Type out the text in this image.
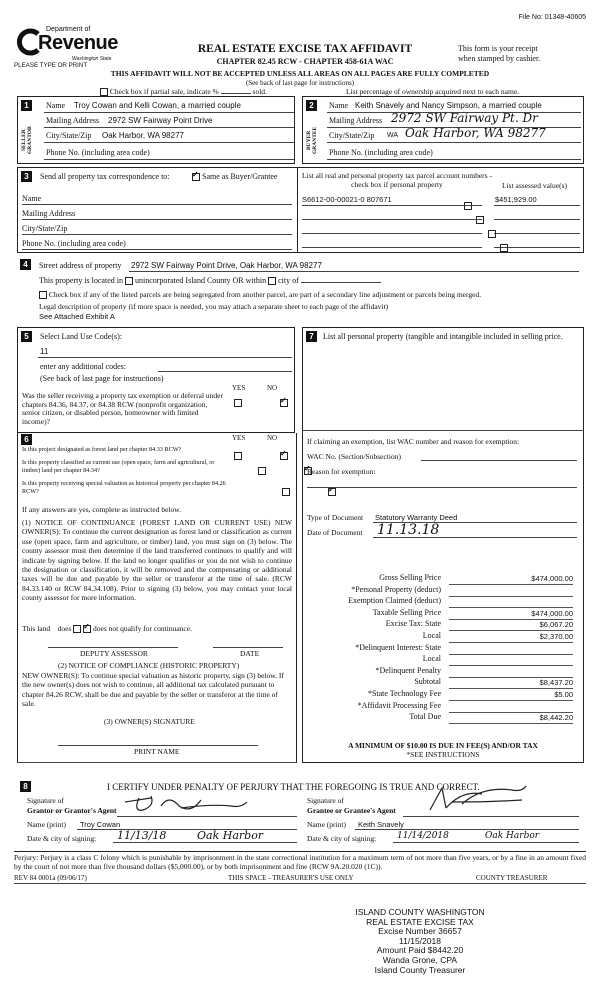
File No: 01348-40605
Department of
Revenue
Washington State
PLEASE TYPE OR PRINT
REAL ESTATE EXCISE TAX AFFIDAVIT
CHAPTER 82.45 RCW - CHAPTER 458-61A WAC
This form is your receipt
when stamped by cashier.
THIS AFFIDAVIT WILL NOT BE ACCEPTED UNLESS ALL AREAS ON ALL PAGES ARE FULLY COMPLETED
(See back of last page for instructions)
Check box if partial sale, indicate %	sold.	List percentage of ownership acquired next to each name.
1
SELLER GRANTOR
Name Troy Cowan and Kelli Cowan, a married couple
Mailing Address 2972 SW Fairway Point Drive
City/State/Zip Oak Harbor, WA 98277
Phone No. (including area code)
2
BUYER GRANTEE
Name Keith Snavely and Nancy Simpson, a married couple
Mailing Address 2972 SW Fairway Pt. Dr
City/State/Zip WA Oak Harbor, WA 98277
Phone No. (including area code)
3	Send all property tax correspondence to: ✓	Same as Buyer/Grantee
Name
Mailing Address
City/State/Zip
Phone No. (including area code)
List all real and personal property tax parcel account numbers - check box if personal property	List assessed value(s)
S6612-00-00021-0 807671	$451,929.00

4	Street address of property 2972 SW Fairway Point Drive, Oak Harbor, WA 98277
This property is located in unincorporated Island County OR within city of
Check box if any of the listed parcels are being segregated from another parcel, are part of a secondary line adjustment or parcels being merged.
Legal description of property (if more space is needed, you may attach a separate sheet to each page of the affidavit)
See Attached Exhibit A
5	Select Land Use Code(s):
11
enter any additional codes:
(See back of last page for instructions)
YES	NO
Was the seller receiving a property tax exemption or deferral under chapters 84.36, 84.37, or 84.38 RCW (nonprofit organization, senior citizen, or disabled person, homeowner with limited income)?
✓
6	YES	NO
Is this project designated as forest land per chapter 84.33 RCW?
✓
Is this property classified as current use (open space, farm and agricultural, or timber) land per chapter 84.34?
✓
Is this property receiving special valuation as historical property per chapter 84.26 RCW?
✓
If any answers are yes, complete as instructed below.
(1) NOTICE OF CONTINUANCE (FOREST LAND OR CURRENT USE) NEW OWNER(S): To continue the current designation as forest land or classification as current use (open space, farm and agriculture, or timber) land, you must sign on (3) below. The county assessor must then determine if the land transferred continues to qualify and will indicate by signing below. If the land no longer qualifies or you do not wish to continue the designation or classification, it will be removed and the compensating or additional taxes will be due and payable by the seller or transferor at the time of sale. (RCW 84.33.140 or RCW 84.34.108). Prior to signing (3) below, you may contact your local county assessor for more information.
This land does ✓	does not qualify for continuance.
DEPUTY ASSESSOR	DATE
(2) NOTICE OF COMPLIANCE (HISTORIC PROPERTY)
NEW OWNER(S): To continue special valuation as historic property, sign (3) below. If the new owner(s) does not wish to continue, all additional tax calculated pursuant to chapter 84.26 RCW, shall be due and payable by the seller or transferor at the time of sale.
(3) OWNER(S) SIGNATURE
PRINT NAME
7	List all personal property (tangible and intangible included in selling price.
If claiming an exemption, list WAC number and reason for exemption:
WAC No. (Section/Subsection)
Reason for exemption:
Type of Document Statutory Warranty Deed
Date of Document 11.13.18
Gross Selling Price	$474,000.00
*Personal Property (deduct)
Exemption Claimed (deduct)
Taxable Selling Price	$474,000.00
Excise Tax: State	$6,067.20
Local	$2,370.00
*Delinquent Interest: State
Local
*Delinquent Penalty
Subtotal	$8,437.20
*State Technology Fee	$5.00
*Affidavit Processing Fee
Total Due	$8,442.20
A MINIMUM OF $10.00 IS DUE IN FEE(S) AND/OR TAX
*SEE INSTRUCTIONS
8	I CERTIFY UNDER PENALTY OF PERJURY THAT THE FOREGOING IS TRUE AND CORRECT.
Signature of
Grantor or Grantor's Agent
Name (print) Troy Cowan
Date & city of signing: 11/13/18	Oak Harbor
Signature of
Grantee or Grantee's Agent
Name (print) Keith Snavely
Date & city of signing: 11/14/2018	Oak Harbor
Perjury: Perjury is a class C felony which is punishable by imprisonment in the state correctional institution for a maximum term of not more than five years, or by a fine in an amount fixed by the court of not more than five thousand dollars ($5,000.00), or by both imprisonment and fine (RCW 9A.20.020 (1C)).
REV 84 0001a (09/06/17)	THIS SPACE - TREASURER'S USE ONLY	COUNTY TREASURER
ISLAND COUNTY WASHINGTON
REAL ESTATE EXCISE TAX
Excise Number 36657
11/15/2018
Amount Paid $8442.20
Wanda Grone, CPA
Island County Treasurer
